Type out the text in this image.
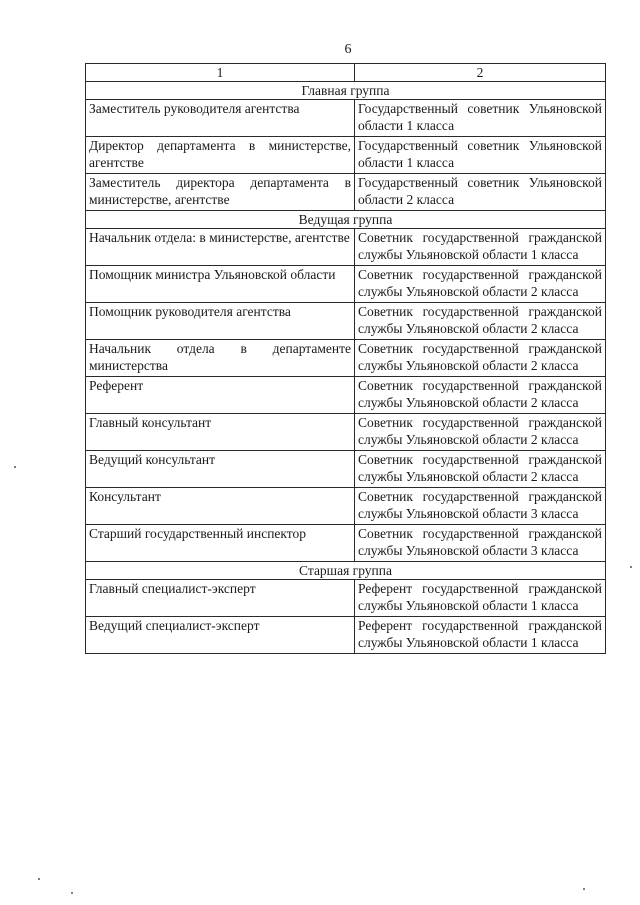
6
1	2
Главная группа	
Заместитель руководителя агентства	Государственный советник Ульяновской области 1 класса
Директор департамента в министерстве, агентстве	Государственный советник Ульяновской области 1 класса
Заместитель директора департамента в министерстве, агентстве	Государственный советник Ульяновской области 2 класса
Ведущая группа	
Начальник отдела: в министерстве, агентстве	Советник государственной гражданской службы Ульяновской области 1 класса
Помощник министра Ульяновской области	Советник государственной гражданской службы Ульяновской области 2 класса
Помощник руководителя агентства	Советник государственной гражданской службы Ульяновской области 2 класса
Начальник отдела в департаменте министерства	Советник государственной гражданской службы Ульяновской области 2 класса
Референт	Советник государственной гражданской службы Ульяновской области 2 класса
Главный консультант	Советник государственной гражданской службы Ульяновской области 2 класса
Ведущий консультант	Советник государственной гражданской службы Ульяновской области 2 класса
Консультант	Советник государственной гражданской службы Ульяновской области 3 класса
Старший государственный инспектор	Советник государственной гражданской службы Ульяновской области 3 класса
Старшая группа	
Главный специалист-эксперт	Референт государственной гражданской службы Ульяновской области 1 класса
Ведущий специалист-эксперт	Референт государственной гражданской службы Ульяновской области 1 класса
